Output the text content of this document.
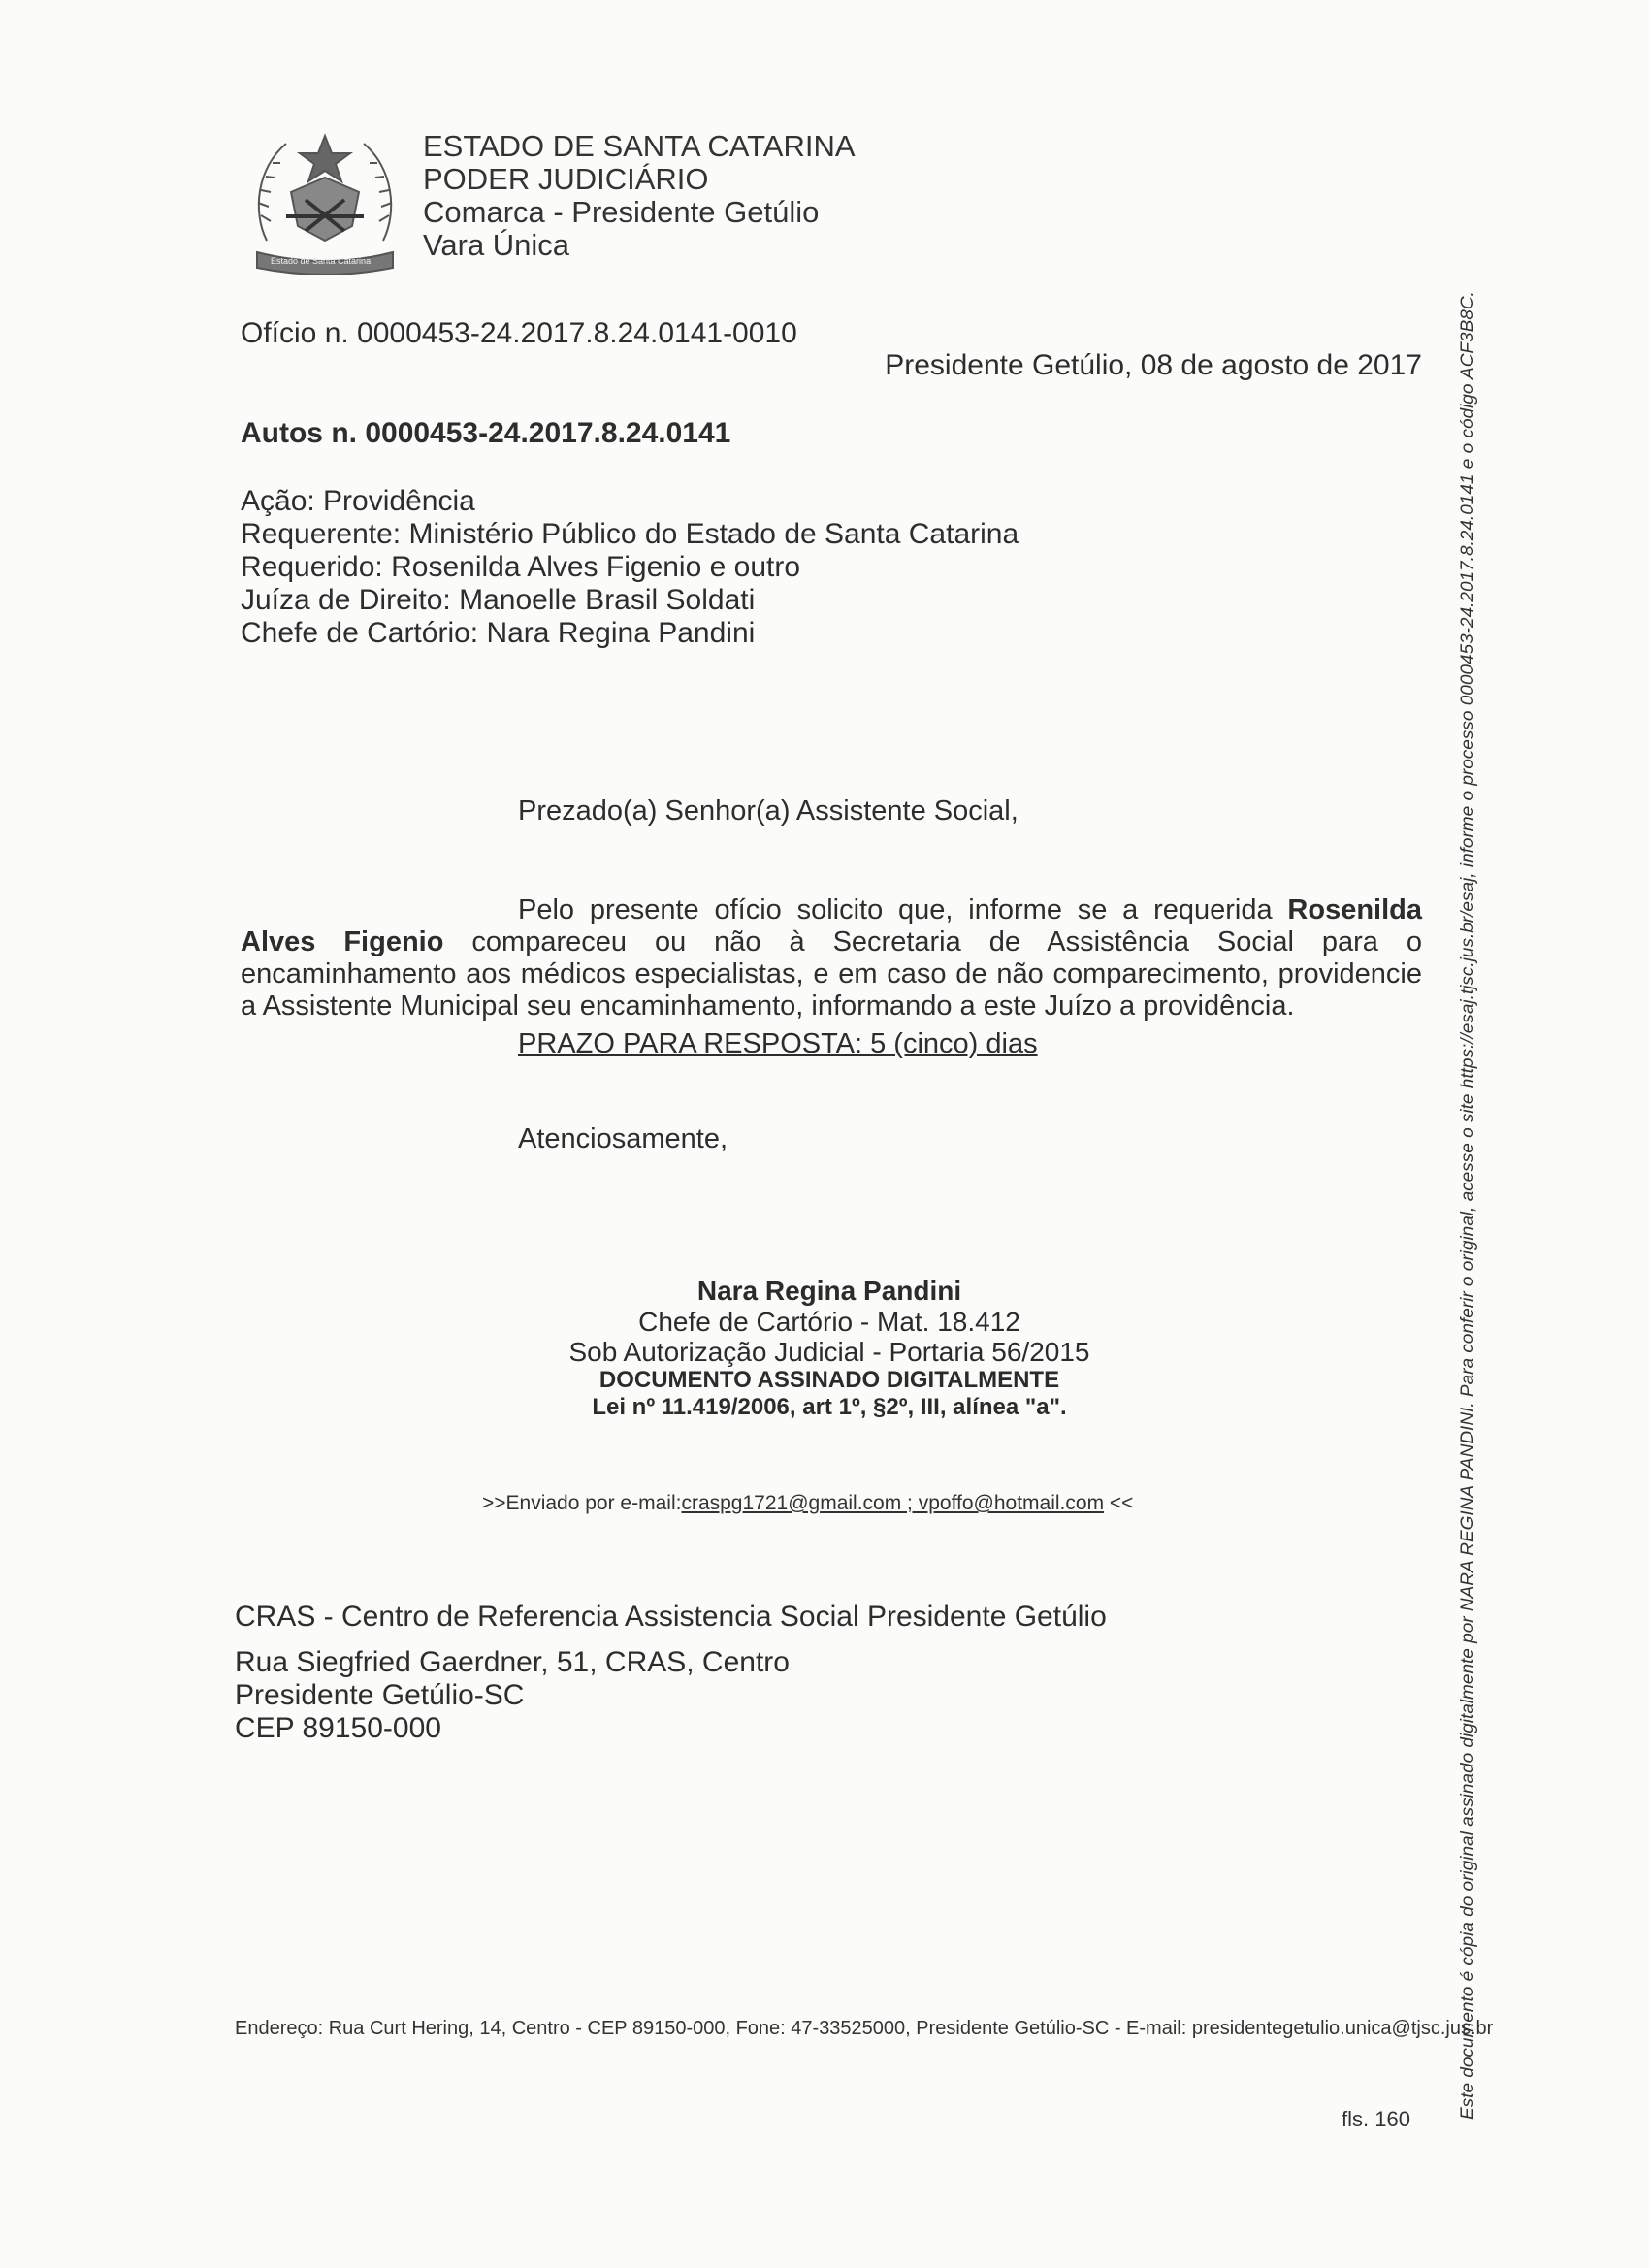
Estado de Santa Catarina
ESTADO DE SANTA CATARINA
PODER JUDICIÁRIO
Comarca - Presidente Getúlio
Vara Única
Ofício n. 0000453-24.2017.8.24.0141-0010
Presidente Getúlio, 08 de agosto de 2017
Autos n. 0000453-24.2017.8.24.0141
Ação: Providência
Requerente: Ministério Público do Estado de Santa Catarina
Requerido: Rosenilda Alves Figenio e outro
Juíza de Direito: Manoelle Brasil Soldati
Chefe de Cartório: Nara Regina Pandini
Prezado(a) Senhor(a) Assistente Social,
Pelo presente ofício solicito que, informe se a requerida Rosenilda Alves Figenio compareceu ou não à Secretaria de Assistência Social para o encaminhamento aos médicos especialistas, e em caso de não comparecimento, providencie a Assistente Municipal seu encaminhamento, informando a este Juízo a providência.
PRAZO PARA RESPOSTA: 5 (cinco) dias
Atenciosamente,
Nara Regina Pandini
Chefe de Cartório - Mat. 18.412
Sob Autorização Judicial - Portaria 56/2015
DOCUMENTO ASSINADO DIGITALMENTE
Lei nº 11.419/2006, art 1º, §2º, III, alínea "a".
>>Enviado por e-mail:craspg1721@gmail.com ; vpoffo@hotmail.com <<
CRAS - Centro de Referencia Assistencia Social Presidente Getúlio
Rua Siegfried Gaerdner, 51, CRAS, Centro
Presidente Getúlio-SC
CEP 89150-000
Endereço: Rua Curt Hering, 14, Centro - CEP 89150-000, Fone: 47-33525000, Presidente Getúlio-SC - E-mail: presidentegetulio.unica@tjsc.jus.br
fls. 160	Este documento é cópia do original assinado digitalmente por NARA REGINA PANDINI. Para conferir o original, acesse o site https://esaj.tjsc.jus.br/esaj, informe o processo 0000453-24.2017.8.24.0141 e o código ACF3B8C.
